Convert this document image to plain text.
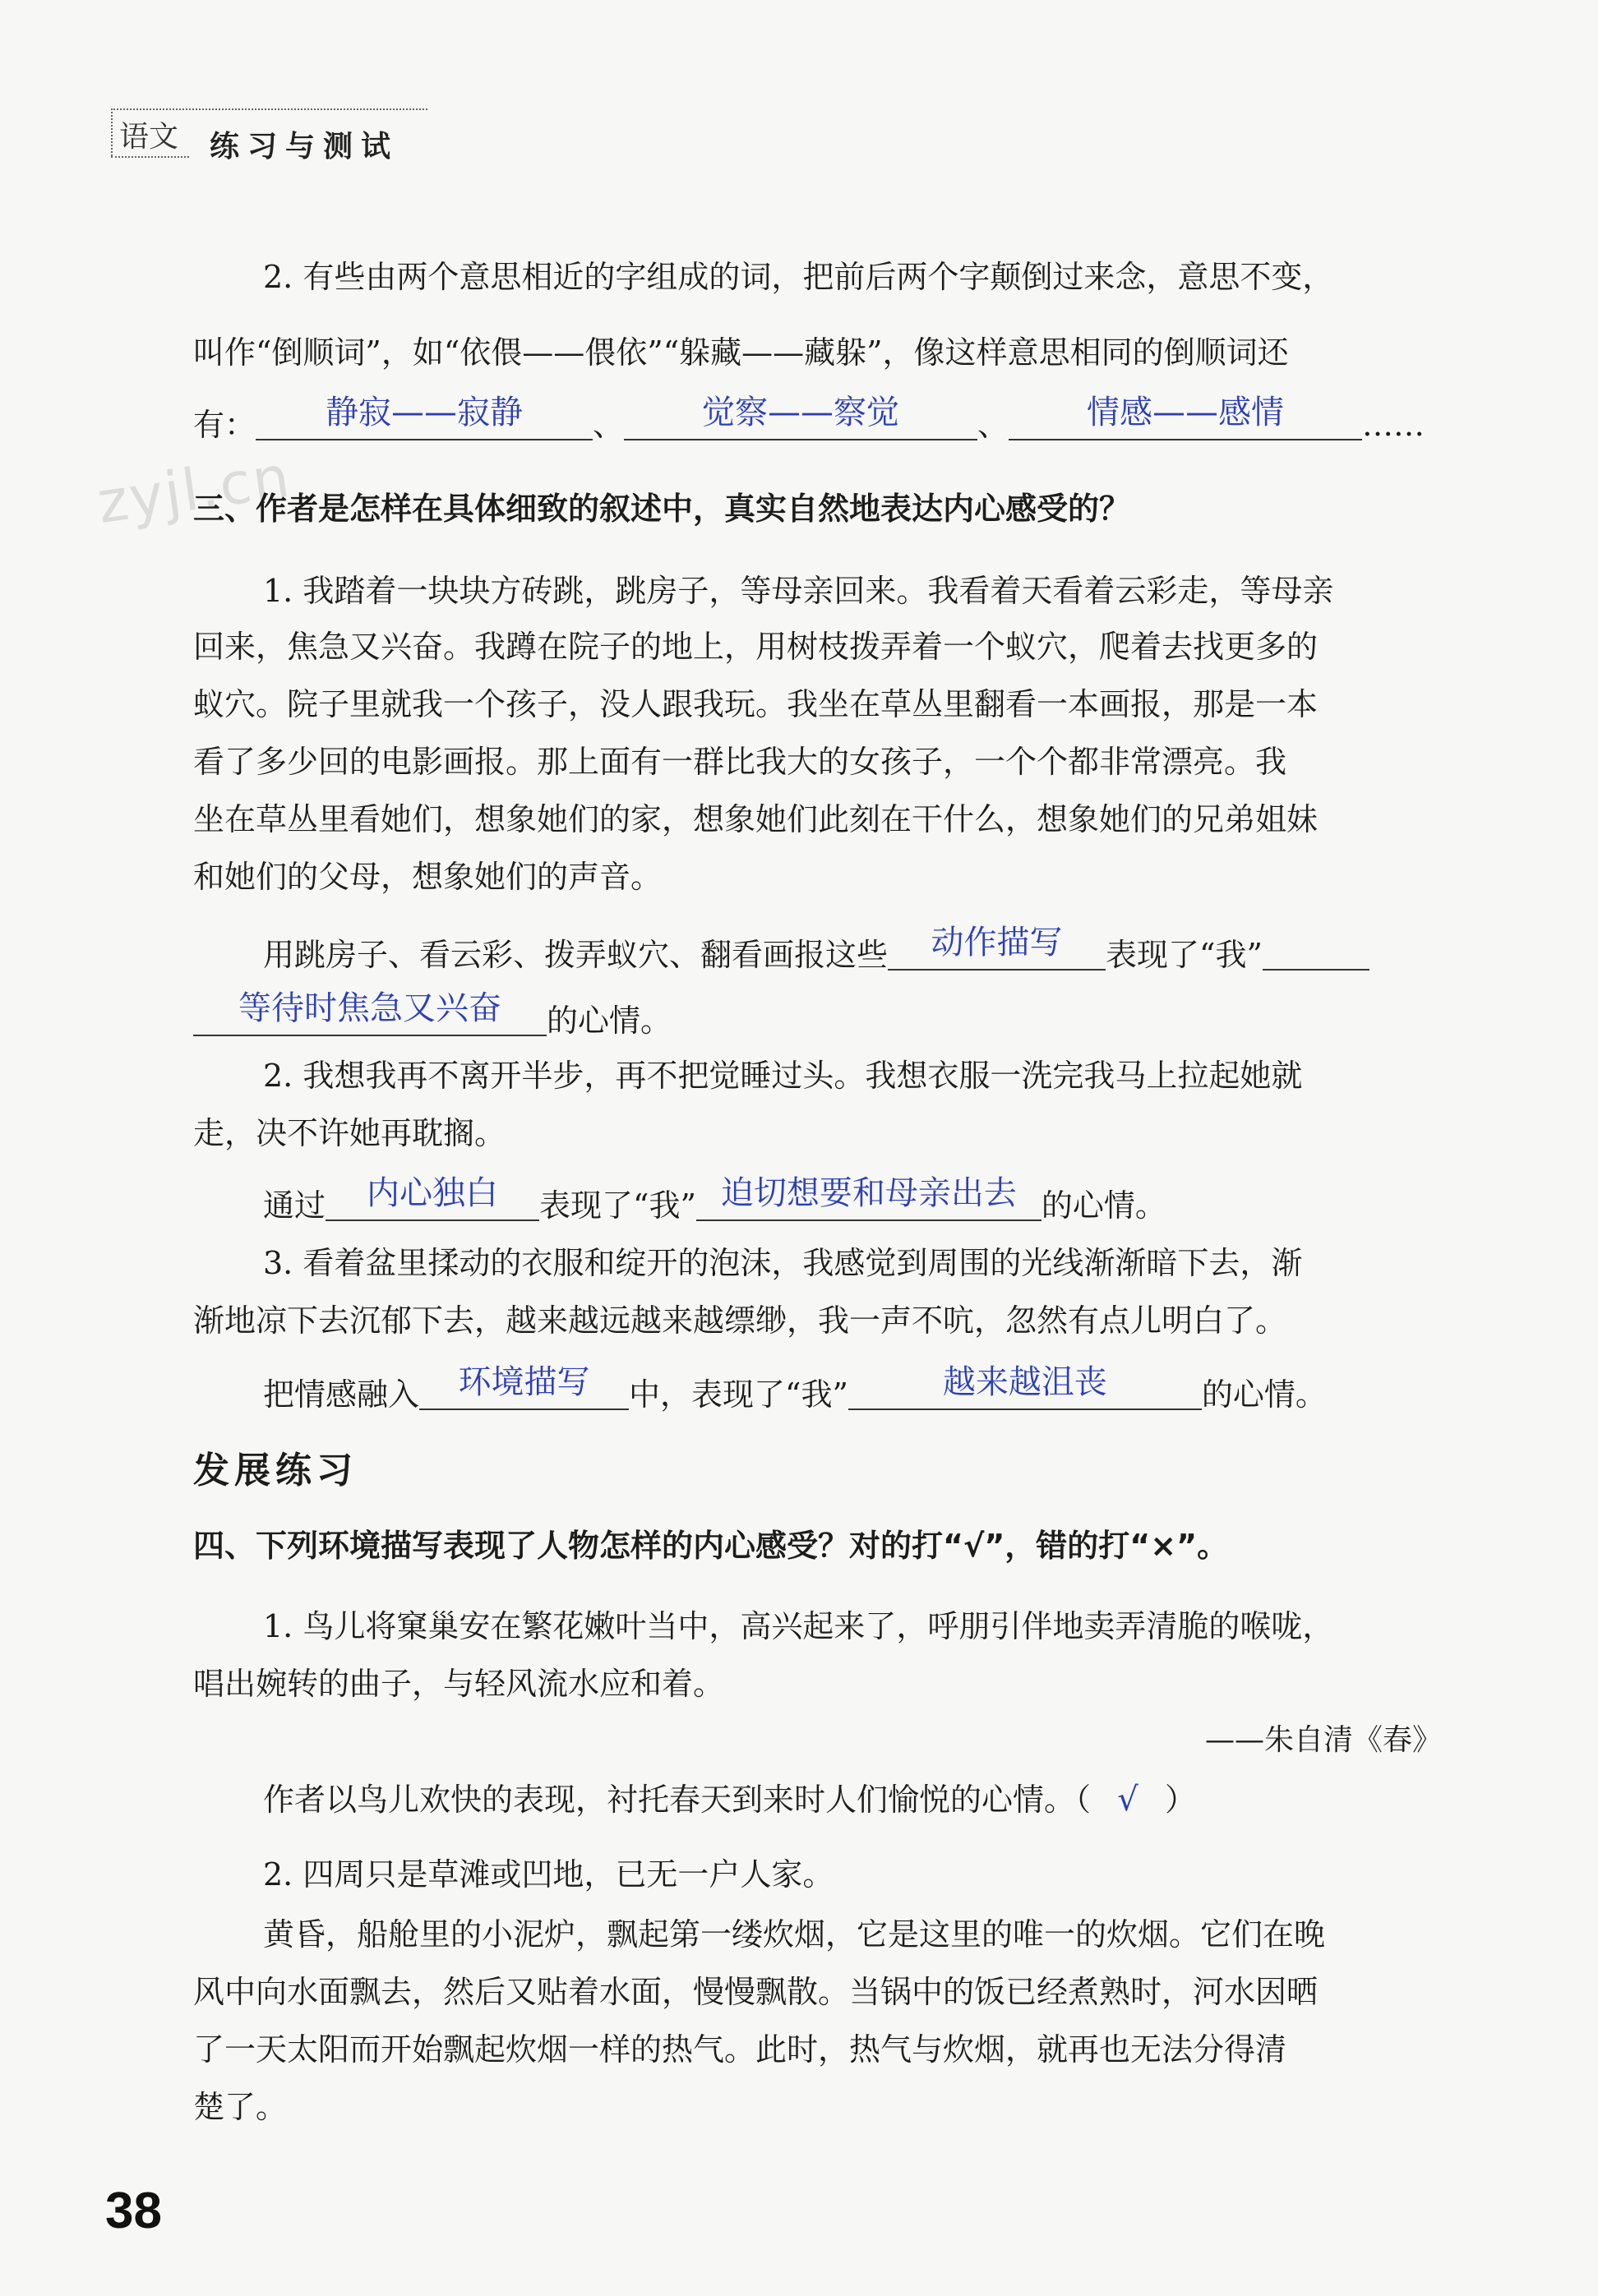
语文 练习与测试
zyjl.cn
2. 有些由两个意思相近的字组成的词，把前后两个字颠倒过来念，意思不变，
叫作“倒顺词”，如“依偎——偎依”“躲藏——藏躲”，像这样意思相同的倒顺词还
有： 静寂——寂静 、 觉察——察觉	、 情感——感情	……
三、作者是怎样在具体细致的叙述中，真实自然地表达内心感受的？
1. 我踏着一块块方砖跳，跳房子，等母亲回来。我看着天看着云彩走，等母亲
回来，焦急又兴奋。我蹲在院子的地上，用树枝拨弄着一个蚁穴，爬着去找更多的
蚁穴。院子里就我一个孩子，没人跟我玩。我坐在草丛里翻看一本画报，那是一本
看了多少回的电影画报。那上面有一群比我大的女孩子，一个个都非常漂亮。我
坐在草丛里看她们，想象她们的家，想象她们此刻在干什么，想象她们的兄弟姐妹
和她们的父母，想象她们的声音。
用跳房子、看云彩、拨弄蚁穴、翻看画报这些 动作描写 表现了“我”
等待时焦急又兴奋 的心情。
2. 我想我再不离开半步，再不把觉睡过头。我想衣服一洗完我马上拉起她就
走，决不许她再耽搁。
通过 内心独白 表现了“我” 迫切想要和母亲出去 的心情。
3. 看着盆里揉动的衣服和绽开的泡沫，我感觉到周围的光线渐渐暗下去，渐
渐地凉下去沉郁下去，越来越远越来越缥缈，我一声不吭，忽然有点儿明白了。
把情感融入 环境描写 中，表现了“我”	越来越沮丧	的心情。
发展练习
四、下列环境描写表现了人物怎样的内心感受？对的打“√”，错的打“×”。
1. 鸟儿将窠巢安在繁花嫩叶当中，高兴起来了，呼朋引伴地卖弄清脆的喉咙，
唱出婉转的曲子，与轻风流水应和着。
——朱自清《春》
作者以鸟儿欢快的表现，衬托春天到来时人们愉悦的心情。（ √ ）
2. 四周只是草滩或凹地，已无一户人家。
黄昏，船舱里的小泥炉，飘起第一缕炊烟，它是这里的唯一的炊烟。它们在晚
风中向水面飘去，然后又贴着水面，慢慢飘散。当锅中的饭已经煮熟时，河水因晒
了一天太阳而开始飘起炊烟一样的热气。此时，热气与炊烟，就再也无法分得清
楚了。
38
